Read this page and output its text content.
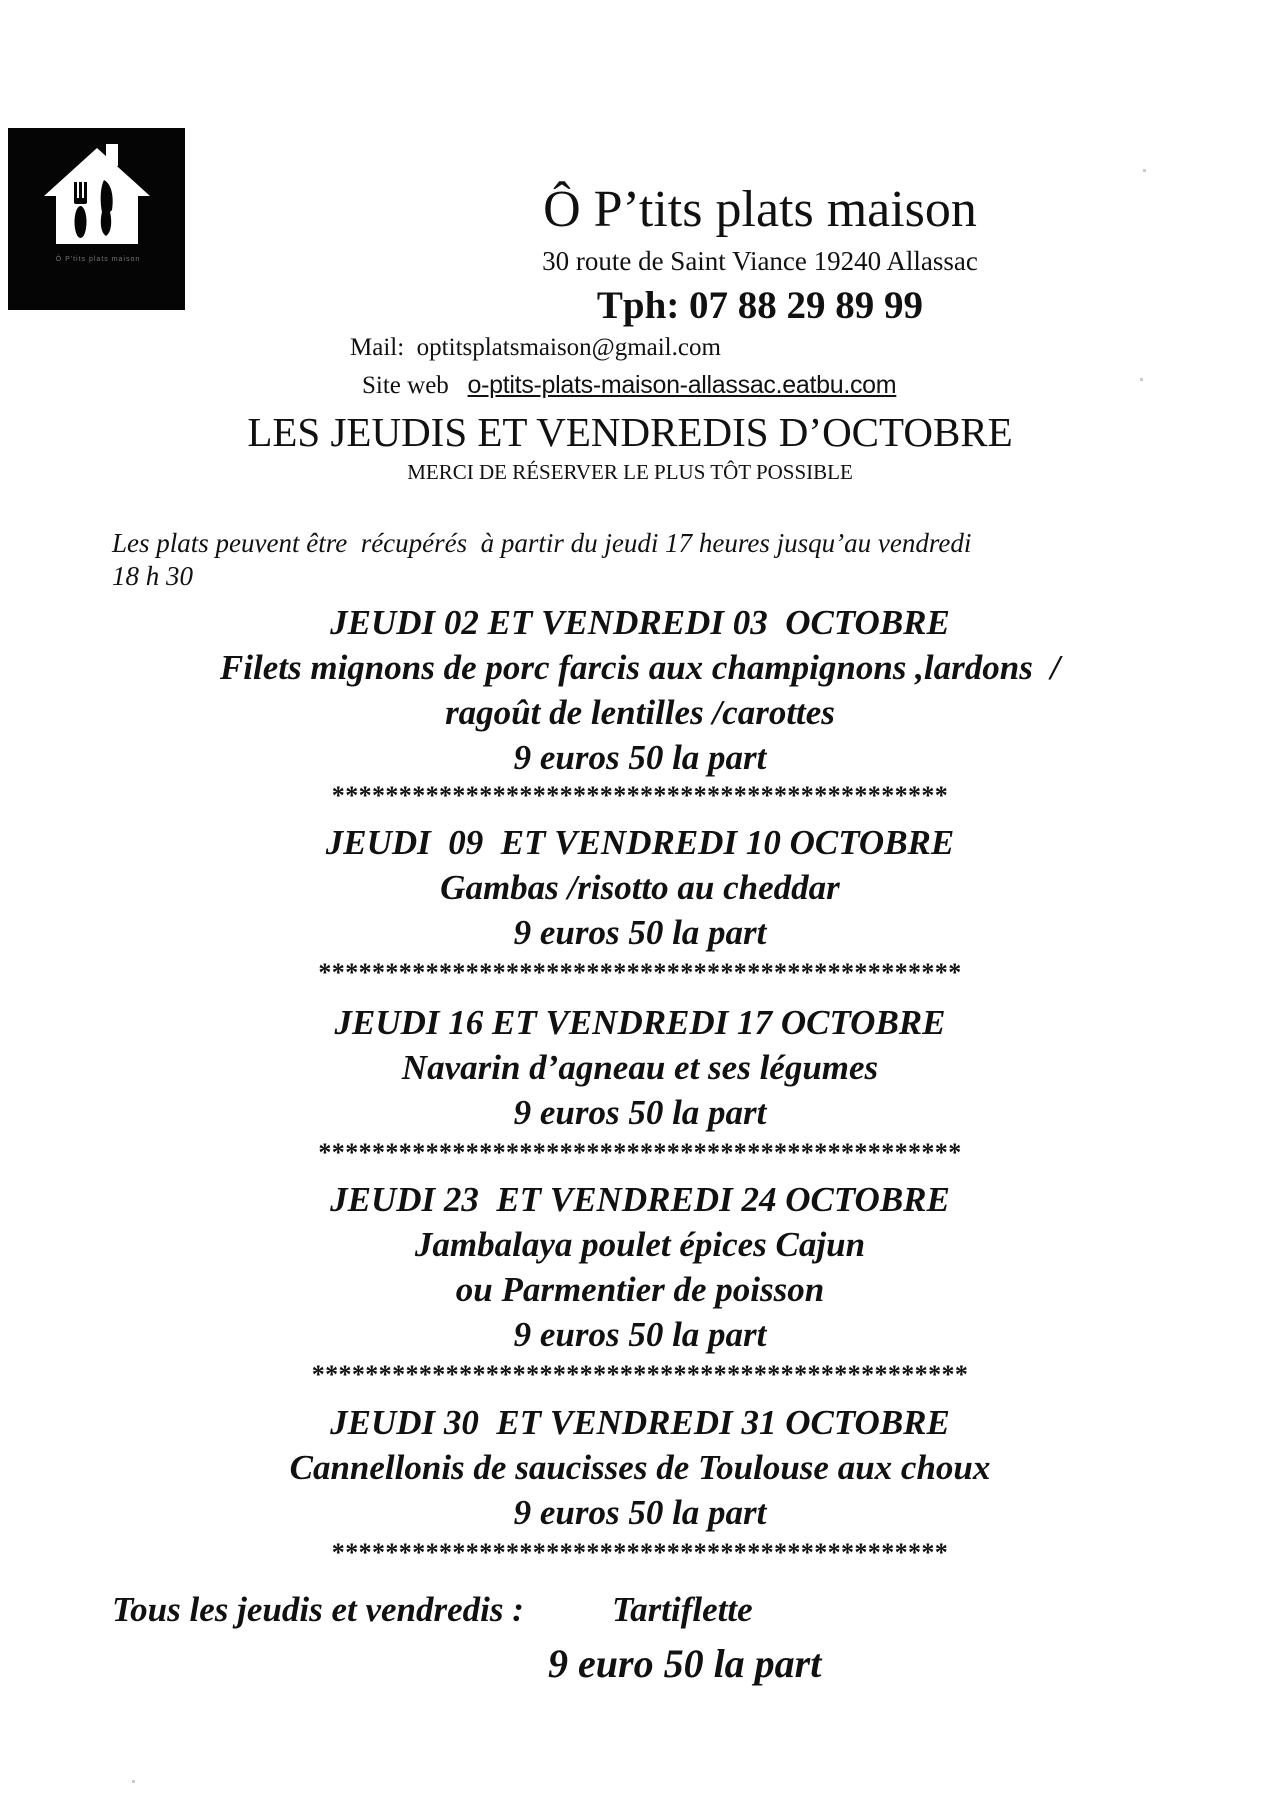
Ô P'tits plats maison
Ô P’tits plats maison
30 route de Saint Viance 19240 Allassac
Tph: 07 88 29 89 99
Mail: optitsplatsmaison@gmail.com
Site web o-ptits-plats-maison-allassac.eatbu.com
LES JEUDIS ET VENDREDIS D’OCTOBRE
MERCI DE RÉSERVER LE PLUS TÔT POSSIBLE
Les plats peuvent être  récupérés  à partir du jeudi 17 heures jusqu’au vendredi
18 h 30
JEUDI 02 ET VENDREDI 03  OCTOBRE
Filets mignons de porc farcis aux champignons ,lardons  /
ragoût de lentilles /carottes
9 euros 50 la part
**********************************************
JEUDI  09  ET VENDREDI 10 OCTOBRE
Gambas /risotto au cheddar
9 euros 50 la part
************************************************
JEUDI 16 ET VENDREDI 17 OCTOBRE
Navarin d’agneau et ses légumes
9 euros 50 la part
************************************************
JEUDI 23  ET VENDREDI 24 OCTOBRE
Jambalaya poulet épices Cajun
ou Parmentier de poisson
9 euros 50 la part
*************************************************
JEUDI 30  ET VENDREDI 31 OCTOBRE
Cannellonis de saucisses de Toulouse aux choux
9 euros 50 la part
**********************************************
Tous les jeudis et vendredis :	Tartiflette
9 euro 50 la part
